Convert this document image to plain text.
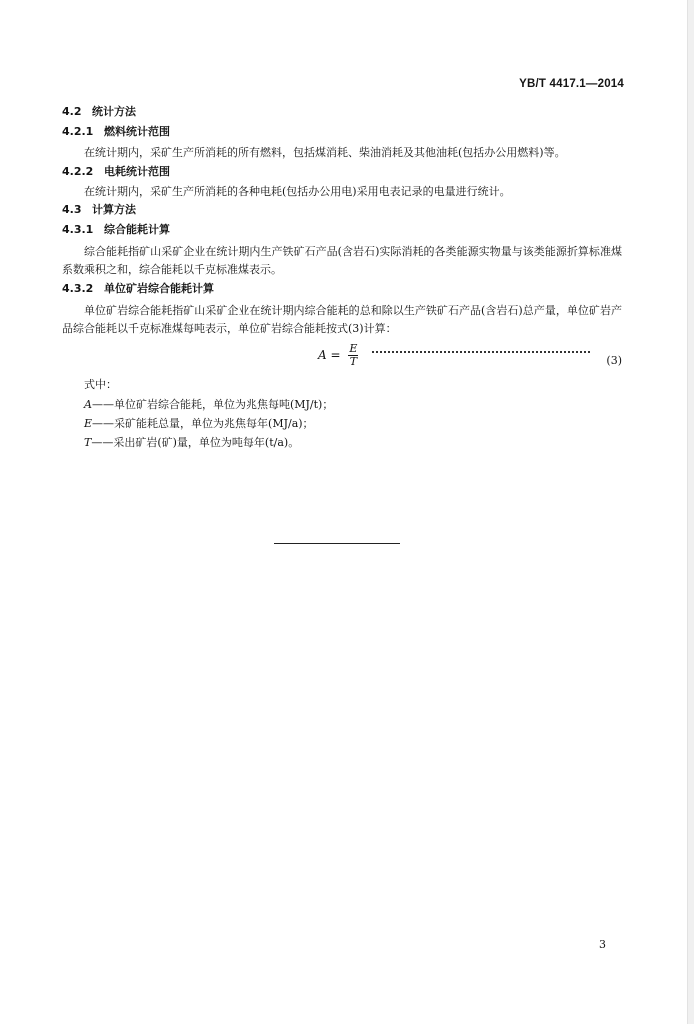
YB/T 4417.1—2014
4.2 统计方法
4.2.1 燃料统计范围
在统计期内，采矿生产所消耗的所有燃料，包括煤消耗、柴油消耗及其他油耗(包括办公用燃料)等。
4.2.2 电耗统计范围
在统计期内，采矿生产所消耗的各种电耗(包括办公用电)采用电表记录的电量进行统计。
4.3 计算方法
4.3.1 综合能耗计算
综合能耗指矿山采矿企业在统计期内生产铁矿石产品(含岩石)实际消耗的各类能源实物量与该类能源折算标准煤系数乘积之和，综合能耗以千克标准煤表示。
4.3.2 单位矿岩综合能耗计算
单位矿岩综合能耗指矿山采矿企业在统计期内综合能耗的总和除以生产铁矿石产品(含岩石)总产量，单位矿岩产品综合能耗以千克标准煤每吨表示，单位矿岩综合能耗按式(3)计算：
$A = \frac{E}{T}$	(3)
式中：
A——单位矿岩综合能耗，单位为兆焦每吨(MJ/t)；
E——采矿能耗总量，单位为兆焦每年(MJ/a)；
T——采出矿岩(矿)量，单位为吨每年(t/a)。
3
